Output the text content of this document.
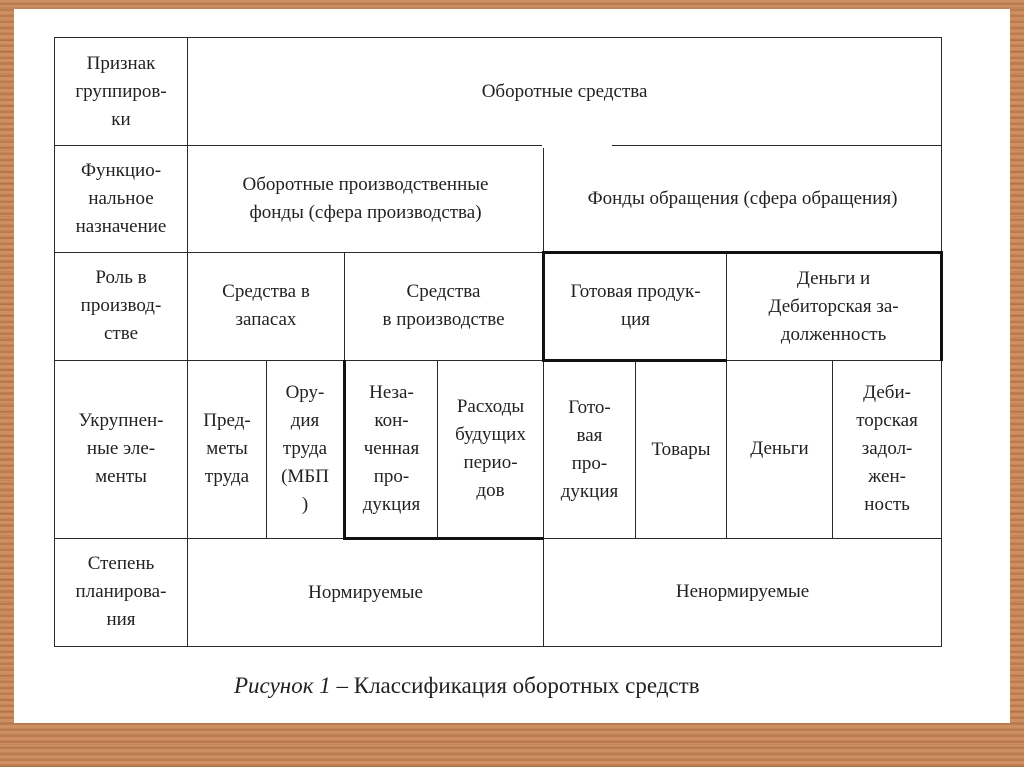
Признак
группиров-
ки	Оборотные средства							
Функцио-
нальное
назначение	Оборотные производственные
фонды (сфера производства)				Фонды обращения (сфера обращения)			
Роль в
производ-
стве	Средства в
запасах		Средства
в производстве		Готовая продук-
ция		Деньги и
Дебиторская за-
долженность	
Укрупнен-
ные эле-
менты	Пред-
меты
труда	Ору-
дия
труда
(МБП
)	Неза-
кон-
ченная
про-
дукция	Расходы
будущих
перио-
дов	Гото-
вая
про-
дукция	Товары	Деньги	Деби-
торская
задол-
жен-
ность
Степень
планирова-
ния	Нормируемые				Ненормируемые			
Рисунок 1 – Классификация оборотных средств
